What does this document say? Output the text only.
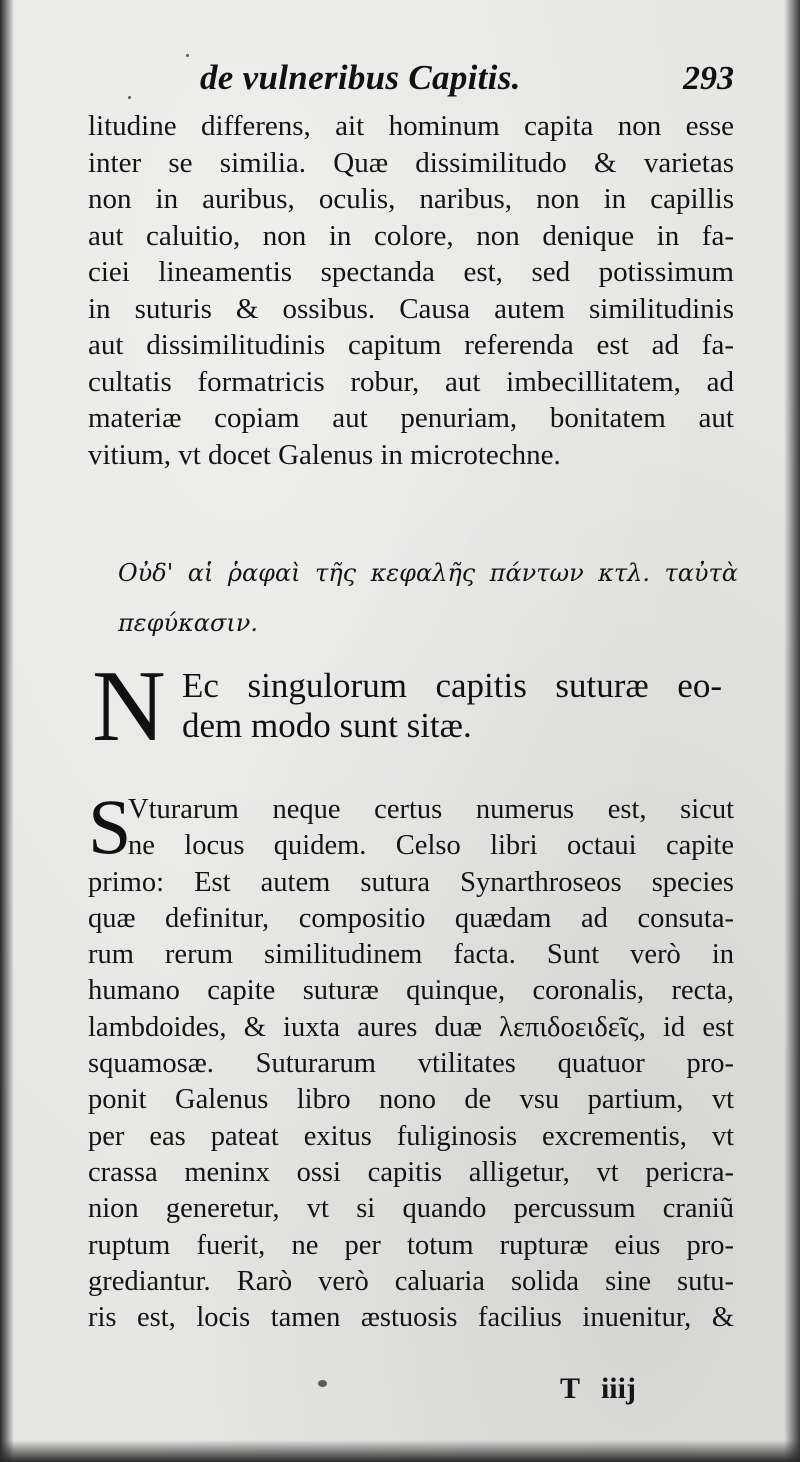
de vulneribus Capitis.	293
litudine differens, ait hominum capita non esse
inter se similia. Quæ dissimilitudo & varietas
non in auribus, oculis, naribus, non in capillis
aut caluitio, non in colore, non denique in fa-
ciei lineamentis spectanda est, sed potissimum
in suturis & ossibus. Causa autem similitudinis
aut dissimilitudinis capitum referenda est ad fa-
cultatis formatricis robur, aut imbecillitatem, ad
materiæ copiam aut penuriam, bonitatem aut
vitium, vt docet Galenus in microtechne.
Οὐδ' αἱ ῥαφαὶ τῆς κεφαλῆς πάντων κτλ. ταὐτὰ
πεφύκασιν.
N Ec singulorum capitis suturæ eo-
dem modo sunt sitæ.
S
Vturarum neque certus numerus est, sicut
ne locus quidem. Celso libri octaui capite
primo: Est autem sutura Synarthroseos species
quæ definitur, compositio quædam ad consuta-
rum rerum similitudinem facta. Sunt verò in
humano capite suturæ quinque, coronalis, recta,
lambdoides, & iuxta aures duæ λεπιδοειδεῖς, id est
squamosæ. Suturarum vtilitates quatuor pro-
ponit Galenus libro nono de vsu partium, vt
per eas pateat exitus fuliginosis excrementis, vt
crassa meninx ossi capitis alligetur, vt pericra-
nion generetur, vt si quando percussum craniũ
ruptum fuerit, ne per totum rupturæ eius pro-
grediantur. Rarò verò caluaria solida sine sutu-
ris est, locis tamen æstuosis facilius inuenitur, &
T iiij
